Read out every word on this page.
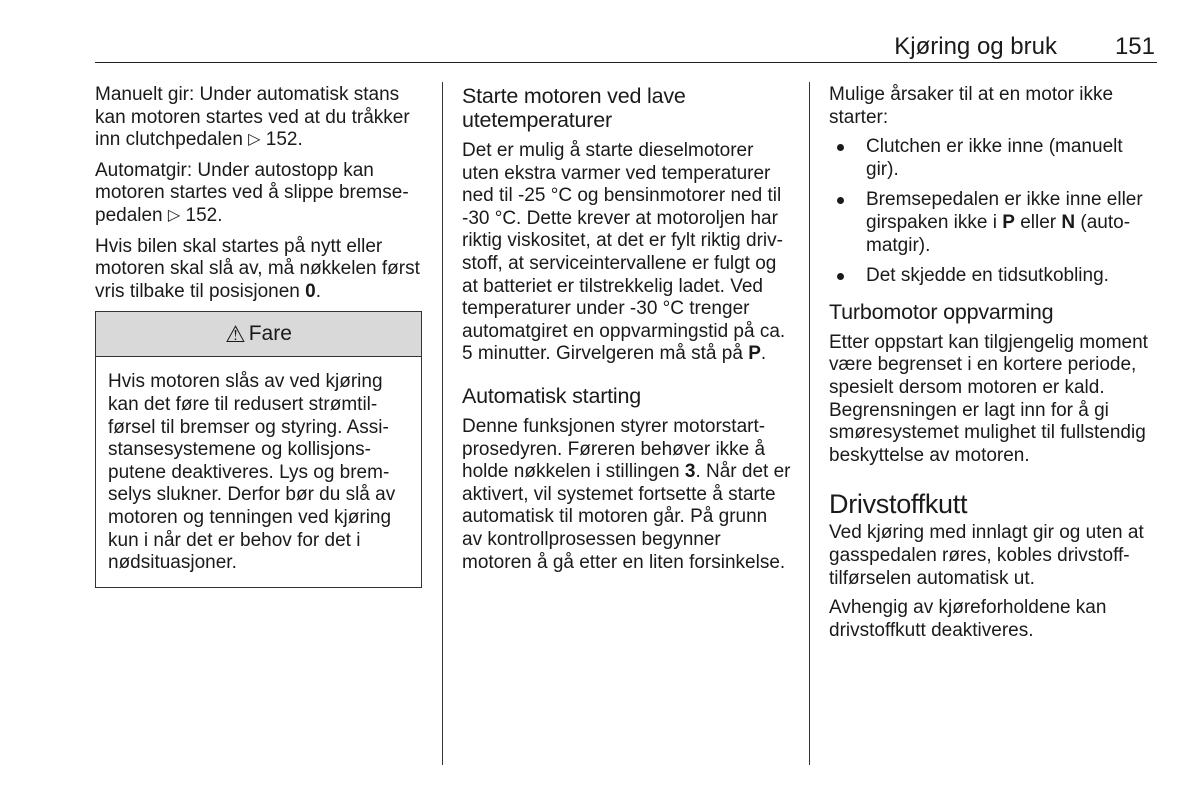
Kjøring og bruk 151

Manuelt gir: Under automatisk stans kan motoren startes ved at du tråkker inn clutchpedalen ▷ 152.

Automatgir: Under autostopp kan motoren startes ved å slippe bremsepedalen ▷ 152.

Hvis bilen skal startes på nytt eller motoren skal slå av, må nøkkelen først vris tilbake til posisjonen 0.

⚠ Fare
Hvis motoren slås av ved kjøring kan det føre til redusert strømtilførsel til bremser og styring. Assistansesystemene og kollisjonsputene deaktiveres. Lys og bremselys slukner. Derfor bør du slå av motoren og tenningen ved kjøring kun i når det er behov for det i nødsituasjoner.
Starte motoren ved lave utetemperaturer

Det er mulig å starte dieselmotorer uten ekstra varmer ved temperaturer ned til -25 °C og bensinmotorer ned til -30 °C. Dette krever at motoroljen har riktig viskositet, at det er fylt riktig drivstoff, at serviceintervallene er fulgt og at batteriet er tilstrekkelig ladet. Ved temperaturer under -30 °C trenger automatgiret en oppvarmingstid på ca. 5 minutter. Girvelgeren må stå på P.

Automatisk starting

Denne funksjonen styrer motorstartprosedyren. Føreren behøver ikke å holde nøkkelen i stillingen 3. Når det er aktivert, vil systemet fortsette å starte automatisk til motoren går. På grunn av kontrollprosessen begynner motoren å gå etter en liten forsinkelse.

Mulige årsaker til at en motor ikke starter:

Clutchen er ikke inne (manuelt gir).
Bremsepedalen er ikke inne eller girspaken ikke i P eller N (automatgir).
Det skjedde en tidsutkobling.
Turbomotor oppvarming

Etter oppstart kan tilgjengelig moment være begrenset i en kortere periode, spesielt dersom motoren er kald. Begrensningen er lagt inn for å gi smøresystemet mulighet til fullstendig beskyttelse av motoren.

Drivstoffkutt

Ved kjøring med innlagt gir og uten at gasspedalen røres, kobles drivstofftilførselen automatisk ut.

Avhengig av kjøreforholdene kan drivstoffkutt deaktiveres.
